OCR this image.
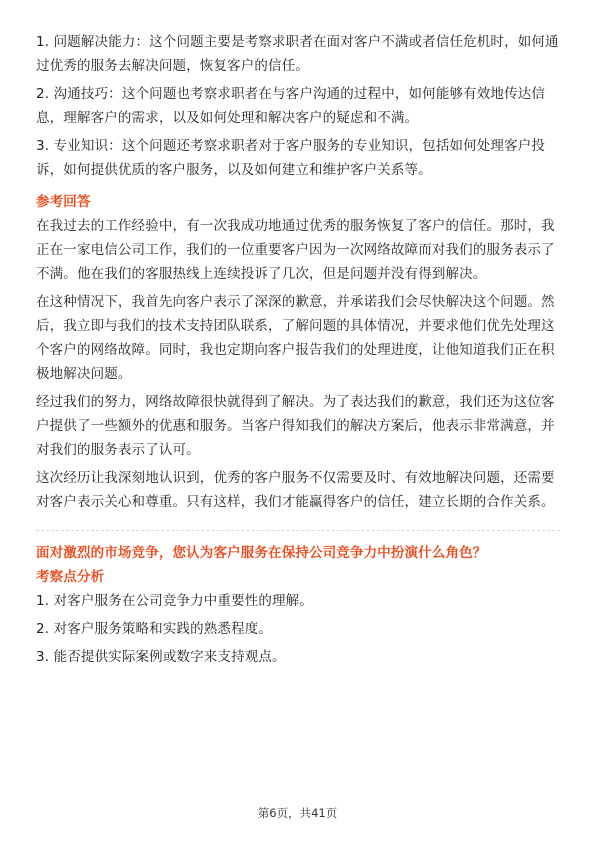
1. 问题解决能力：这个问题主要是考察求职者在面对客户不满或者信任危机时，如何通过优秀的服务去解决问题，恢复客户的信任。

2. 沟通技巧：这个问题也考察求职者在与客户沟通的过程中，如何能够有效地传达信息，理解客户的需求，以及如何处理和解决客户的疑虑和不满。

3. 专业知识：这个问题还考察求职者对于客户服务的专业知识，包括如何处理客户投诉，如何提供优质的客户服务，以及如何建立和维护客户关系等。

参考回答

在我过去的工作经验中，有一次我成功地通过优秀的服务恢复了客户的信任。那时，我正在一家电信公司工作，我们的一位重要客户因为一次网络故障而对我们的服务表示了不满。他在我们的客服热线上连续投诉了几次，但是问题并没有得到解决。

在这种情况下，我首先向客户表示了深深的歉意，并承诺我们会尽快解决这个问题。然后，我立即与我们的技术支持团队联系，了解问题的具体情况，并要求他们优先处理这个客户的网络故障。同时，我也定期向客户报告我们的处理进度，让他知道我们正在积极地解决问题。

经过我们的努力，网络故障很快就得到了解决。为了表达我们的歉意，我们还为这位客户提供了一些额外的优惠和服务。当客户得知我们的解决方案后，他表示非常满意，并对我们的服务表示了认可。

这次经历让我深刻地认识到，优秀的客户服务不仅需要及时、有效地解决问题，还需要对客户表示关心和尊重。只有这样，我们才能赢得客户的信任，建立长期的合作关系。

面对激烈的市场竞争，您认为客户服务在保持公司竞争力中扮演什么角色？

考察点分析

1. 对客户服务在公司竞争力中重要性的理解。

2. 对客户服务策略和实践的熟悉程度。

3. 能否提供实际案例或数字来支持观点。

第6页，共41页
